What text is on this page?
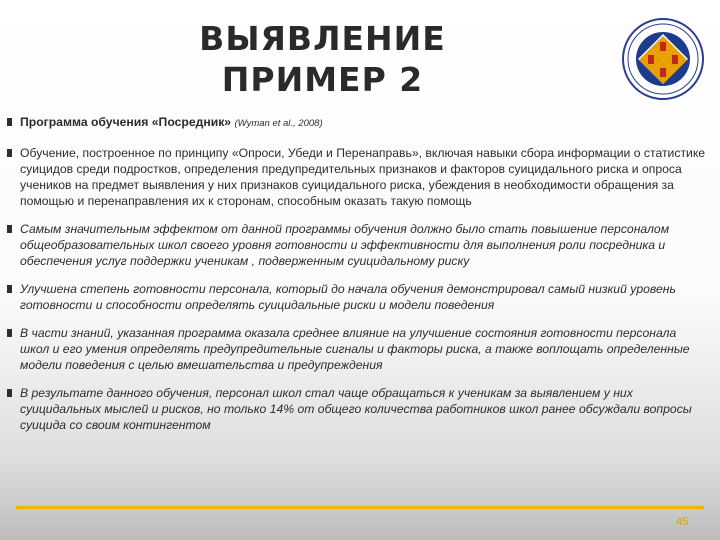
ВЫЯВЛЕНИЕ
ПРИМЕР 2
Программа обучения «Посредник» (Wyman et al., 2008)
Обучение, построенное по принципу «Опроси, Убеди и Перенаправь», включая навыки сбора информации о статистике суицидов среди подростков, определения предупредительных признаков и факторов суицидального риска и опроса учеников на предмет выявления у них признаков суицидального риска, убеждения в необходимости обращения за помощью и перенаправления их к сторонам, способным оказать такую помощь
Самым значительным эффектом от данной программы обучения должно было стать повышение персоналом общеобразовательных школ своего уровня готовности и эффективности для выполнения роли посредника и обеспечения услуг поддержки ученикам , подверженным суицидальному риску
Улучшена степень готовности персонала, который до начала обучения демонстрировал самый низкий уровень готовности и способности определять суицидальные риски и модели поведения
В части знаний, указанная программа оказала среднее влияние на улучшение состояния готовности персонала школ и его умения определять предупредительные сигналы и факторы риска, а также воплощать определенные модели поведения с целью вмешательства и предупреждения
В результате данного обучения, персонал школ стал чаще обращаться к ученикам за выявлением у них суицидальных мыслей и рисков, но только 14% от общего количества работников школ ранее обсуждали вопросы суицида со своим контингентом
45
